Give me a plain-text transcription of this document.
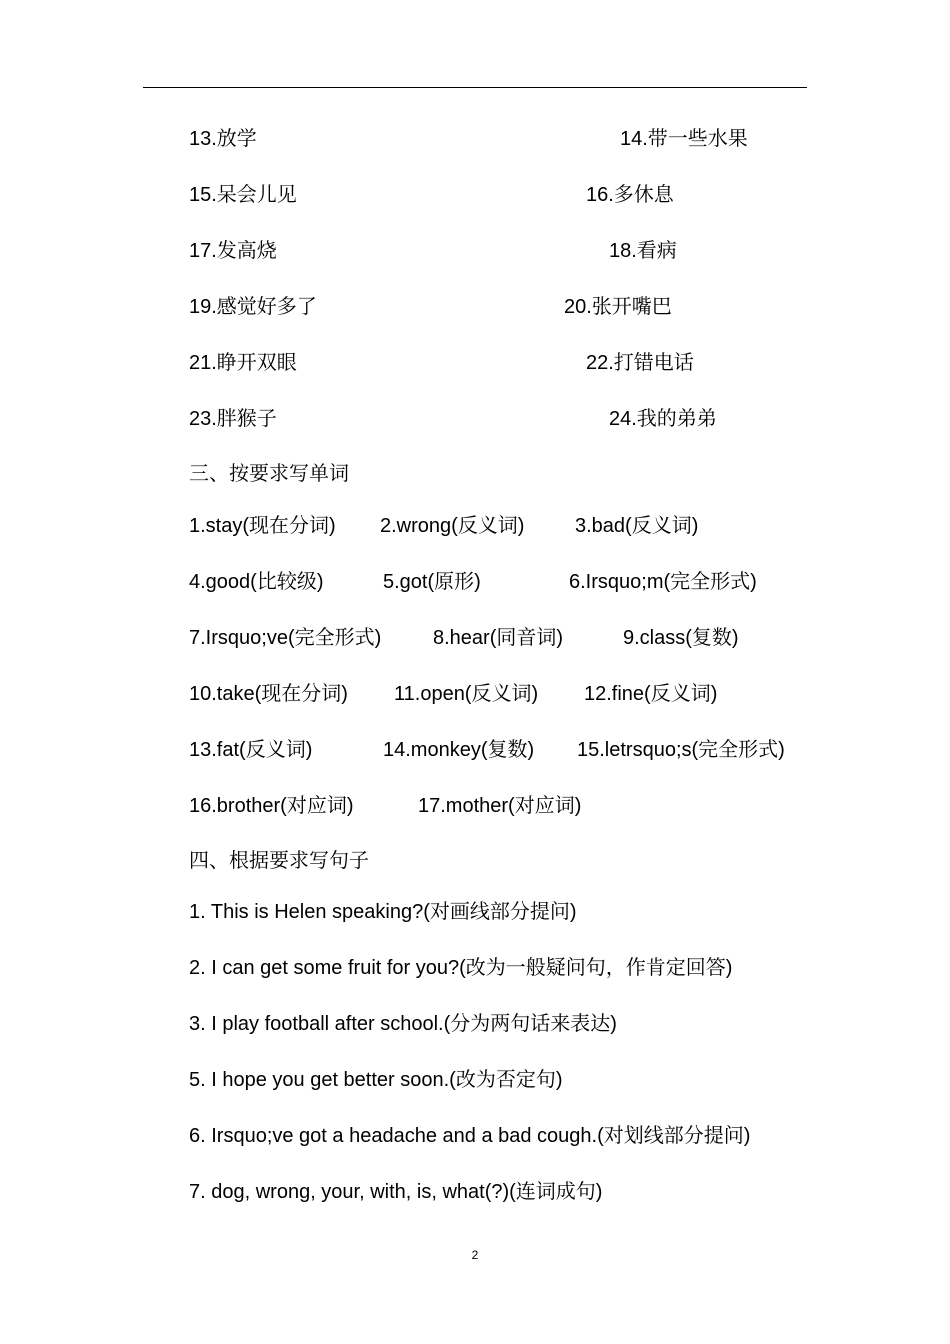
13.放学	14.带一些水果
15.呆会儿见	16.多休息
17.发高烧	18.看病
19.感觉好多了	20.张开嘴巴
21.睁开双眼	22.打错电话
23.胖猴子	24.我的弟弟
三、按要求写单词
1.stay(现在分词) 2.wrong(反义词)	3.bad(反义词)
4.good(比较级)	5.got(原形)	6.Irsquo;m(完全形式)
7.Irsquo;ve(完全形式)	8.hear(同音词)	9.class(复数)
10.take(现在分词) 11.open(反义词) 12.fine(反义词)
13.fat(反义词)	14.monkey(复数) 15.letrsquo;s(完全形式)
16.brother(对应词)	17.mother(对应词)
四、根据要求写句子
1. This is Helen speaking?(对画线部分提问)
2. I can get some fruit for you?(改为一般疑问句，作肯定回答)
3. I play football after school.(分为两句话来表达)
5. I hope you get better soon.(改为否定句)
6. Irsquo;ve got a headache and a bad cough.(对划线部分提问)
7. dog, wrong, your, with, is, what(?)(连词成句)
2
